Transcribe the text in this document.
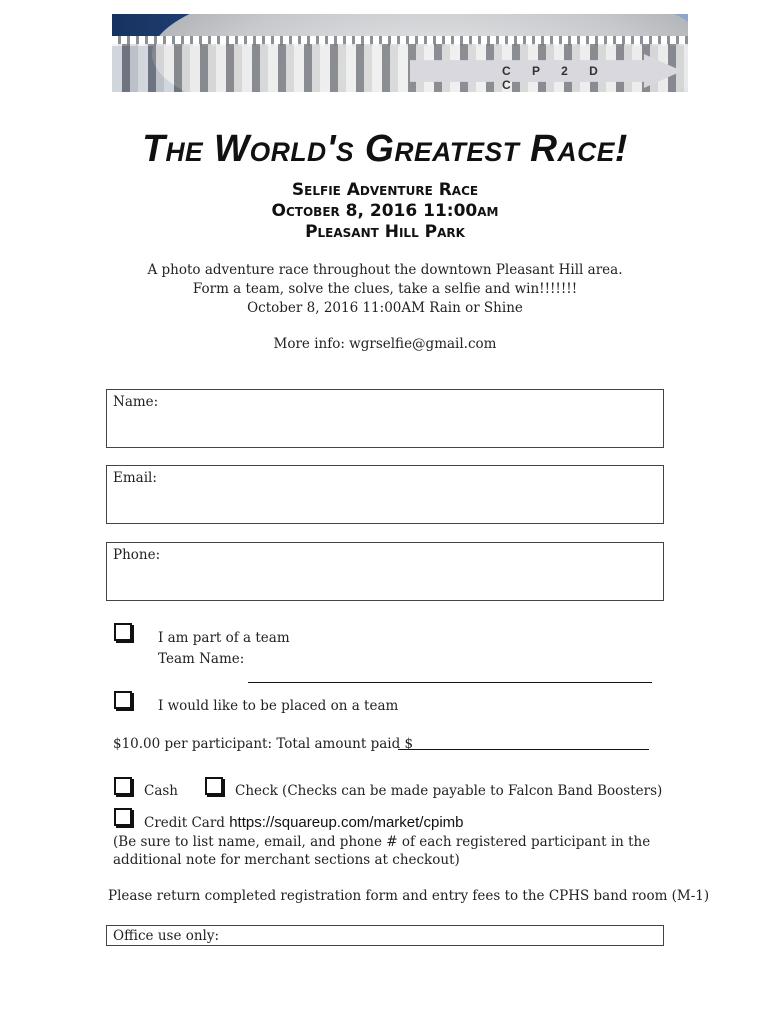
C P 2 D C
The World's Greatest Race!
Selfie Adventure Race
October 8, 2016 11:00am
Pleasant Hill Park
A photo adventure race throughout the downtown Pleasant Hill area.
Form a team, solve the clues, take a selfie and win!!!!!!!
October 8, 2016 11:00AM Rain or Shine
More info: wgrselfie@gmail.com
Name:
Email:
Phone:
I am part of a team
Team Name:
I would like to be placed on a team
$10.00 per participant: Total amount paid $
Cash	Check (Checks can be made payable to Falcon Band Boosters)
Credit Card https://squareup.com/market/cpimb
(Be sure to list name, email, and phone # of each registered participant in the
additional note for merchant sections at checkout)
Please return completed registration form and entry fees to the CPHS band room (M-1)
Office use only:
